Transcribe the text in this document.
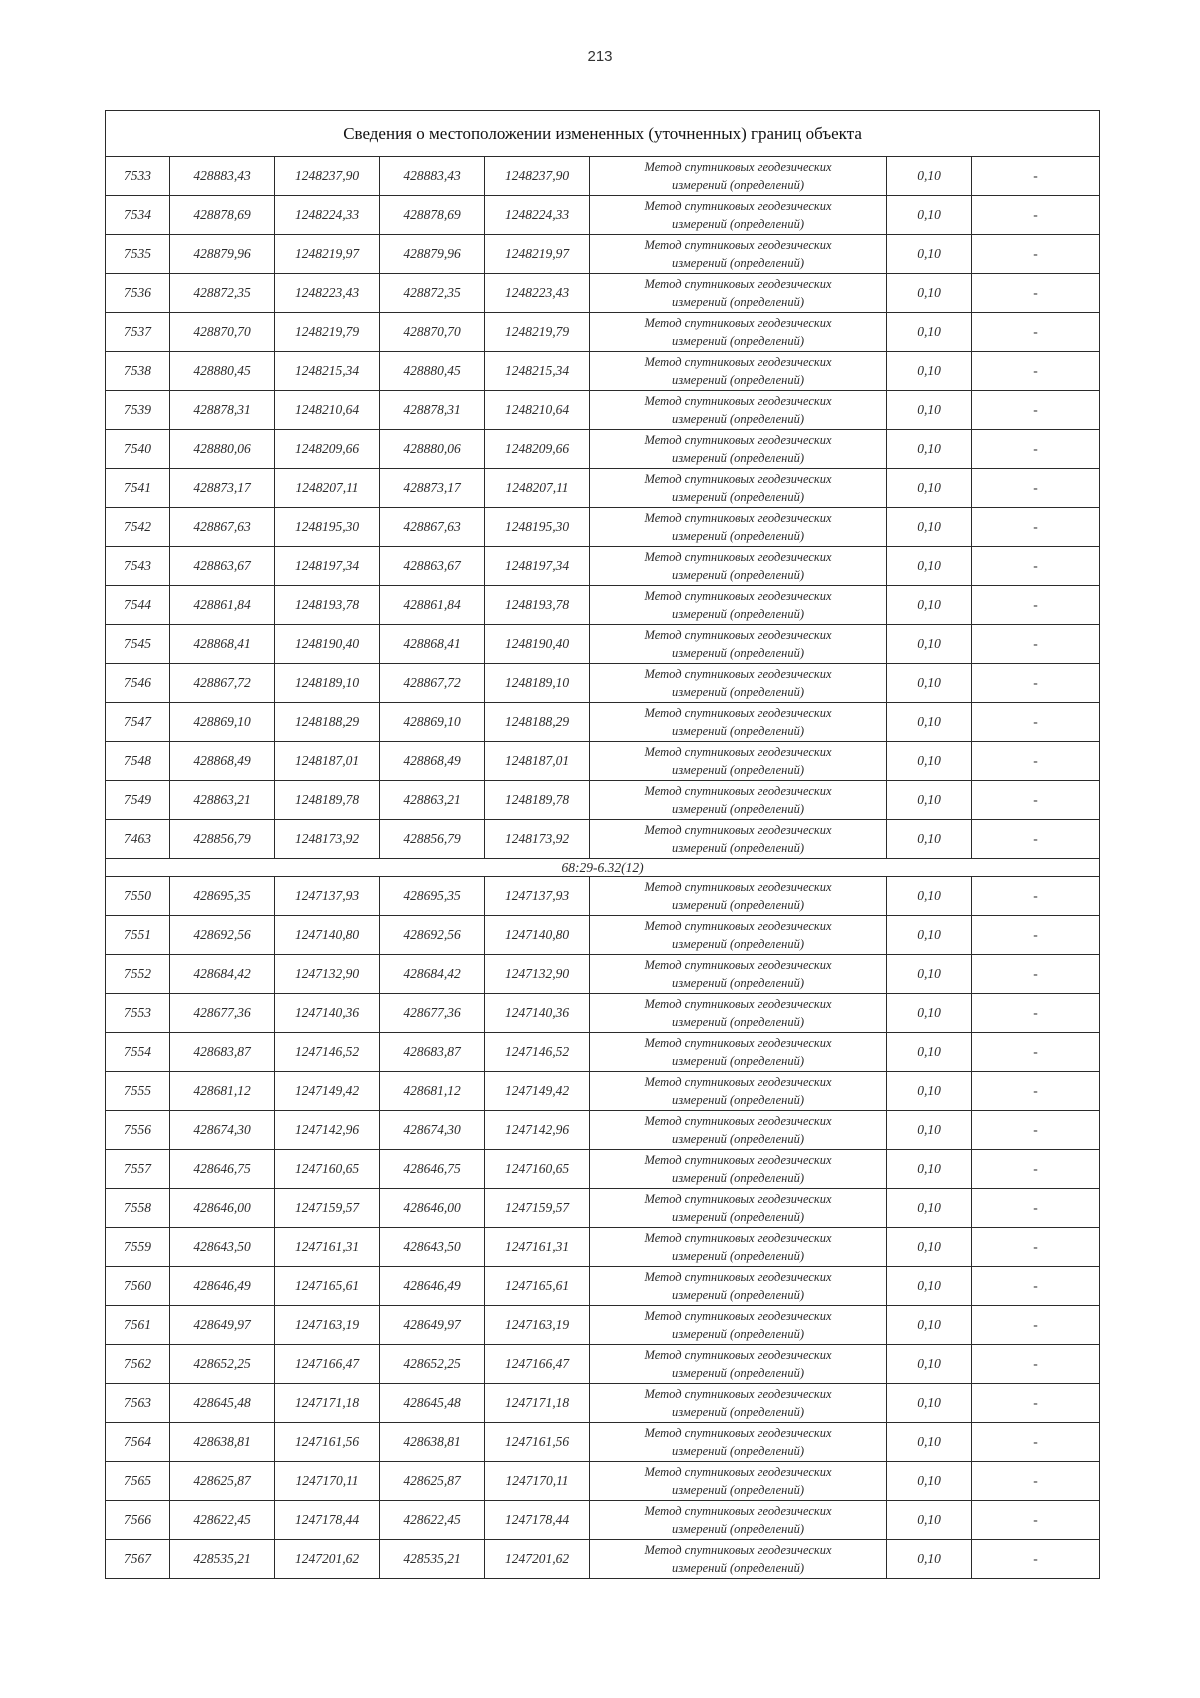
213
Сведения о местоположении измененных (уточненных) границ объекта							
7533	428883,43	1248237,90	428883,43	1248237,90	Метод спутниковых геодезических
измерений (определений)	0,10	-
7534	428878,69	1248224,33	428878,69	1248224,33	Метод спутниковых геодезических
измерений (определений)	0,10	-
7535	428879,96	1248219,97	428879,96	1248219,97	Метод спутниковых геодезических
измерений (определений)	0,10	-
7536	428872,35	1248223,43	428872,35	1248223,43	Метод спутниковых геодезических
измерений (определений)	0,10	-
7537	428870,70	1248219,79	428870,70	1248219,79	Метод спутниковых геодезических
измерений (определений)	0,10	-
7538	428880,45	1248215,34	428880,45	1248215,34	Метод спутниковых геодезических
измерений (определений)	0,10	-
7539	428878,31	1248210,64	428878,31	1248210,64	Метод спутниковых геодезических
измерений (определений)	0,10	-
7540	428880,06	1248209,66	428880,06	1248209,66	Метод спутниковых геодезических
измерений (определений)	0,10	-
7541	428873,17	1248207,11	428873,17	1248207,11	Метод спутниковых геодезических
измерений (определений)	0,10	-
7542	428867,63	1248195,30	428867,63	1248195,30	Метод спутниковых геодезических
измерений (определений)	0,10	-
7543	428863,67	1248197,34	428863,67	1248197,34	Метод спутниковых геодезических
измерений (определений)	0,10	-
7544	428861,84	1248193,78	428861,84	1248193,78	Метод спутниковых геодезических
измерений (определений)	0,10	-
7545	428868,41	1248190,40	428868,41	1248190,40	Метод спутниковых геодезических
измерений (определений)	0,10	-
7546	428867,72	1248189,10	428867,72	1248189,10	Метод спутниковых геодезических
измерений (определений)	0,10	-
7547	428869,10	1248188,29	428869,10	1248188,29	Метод спутниковых геодезических
измерений (определений)	0,10	-
7548	428868,49	1248187,01	428868,49	1248187,01	Метод спутниковых геодезических
измерений (определений)	0,10	-
7549	428863,21	1248189,78	428863,21	1248189,78	Метод спутниковых геодезических
измерений (определений)	0,10	-
7463	428856,79	1248173,92	428856,79	1248173,92	Метод спутниковых геодезических
измерений (определений)	0,10	-
68:29-6.32(12)							
7550	428695,35	1247137,93	428695,35	1247137,93	Метод спутниковых геодезических
измерений (определений)	0,10	-
7551	428692,56	1247140,80	428692,56	1247140,80	Метод спутниковых геодезических
измерений (определений)	0,10	-
7552	428684,42	1247132,90	428684,42	1247132,90	Метод спутниковых геодезических
измерений (определений)	0,10	-
7553	428677,36	1247140,36	428677,36	1247140,36	Метод спутниковых геодезических
измерений (определений)	0,10	-
7554	428683,87	1247146,52	428683,87	1247146,52	Метод спутниковых геодезических
измерений (определений)	0,10	-
7555	428681,12	1247149,42	428681,12	1247149,42	Метод спутниковых геодезических
измерений (определений)	0,10	-
7556	428674,30	1247142,96	428674,30	1247142,96	Метод спутниковых геодезических
измерений (определений)	0,10	-
7557	428646,75	1247160,65	428646,75	1247160,65	Метод спутниковых геодезических
измерений (определений)	0,10	-
7558	428646,00	1247159,57	428646,00	1247159,57	Метод спутниковых геодезических
измерений (определений)	0,10	-
7559	428643,50	1247161,31	428643,50	1247161,31	Метод спутниковых геодезических
измерений (определений)	0,10	-
7560	428646,49	1247165,61	428646,49	1247165,61	Метод спутниковых геодезических
измерений (определений)	0,10	-
7561	428649,97	1247163,19	428649,97	1247163,19	Метод спутниковых геодезических
измерений (определений)	0,10	-
7562	428652,25	1247166,47	428652,25	1247166,47	Метод спутниковых геодезических
измерений (определений)	0,10	-
7563	428645,48	1247171,18	428645,48	1247171,18	Метод спутниковых геодезических
измерений (определений)	0,10	-
7564	428638,81	1247161,56	428638,81	1247161,56	Метод спутниковых геодезических
измерений (определений)	0,10	-
7565	428625,87	1247170,11	428625,87	1247170,11	Метод спутниковых геодезических
измерений (определений)	0,10	-
7566	428622,45	1247178,44	428622,45	1247178,44	Метод спутниковых геодезических
измерений (определений)	0,10	-
7567	428535,21	1247201,62	428535,21	1247201,62	Метод спутниковых геодезических
измерений (определений)	0,10	-
